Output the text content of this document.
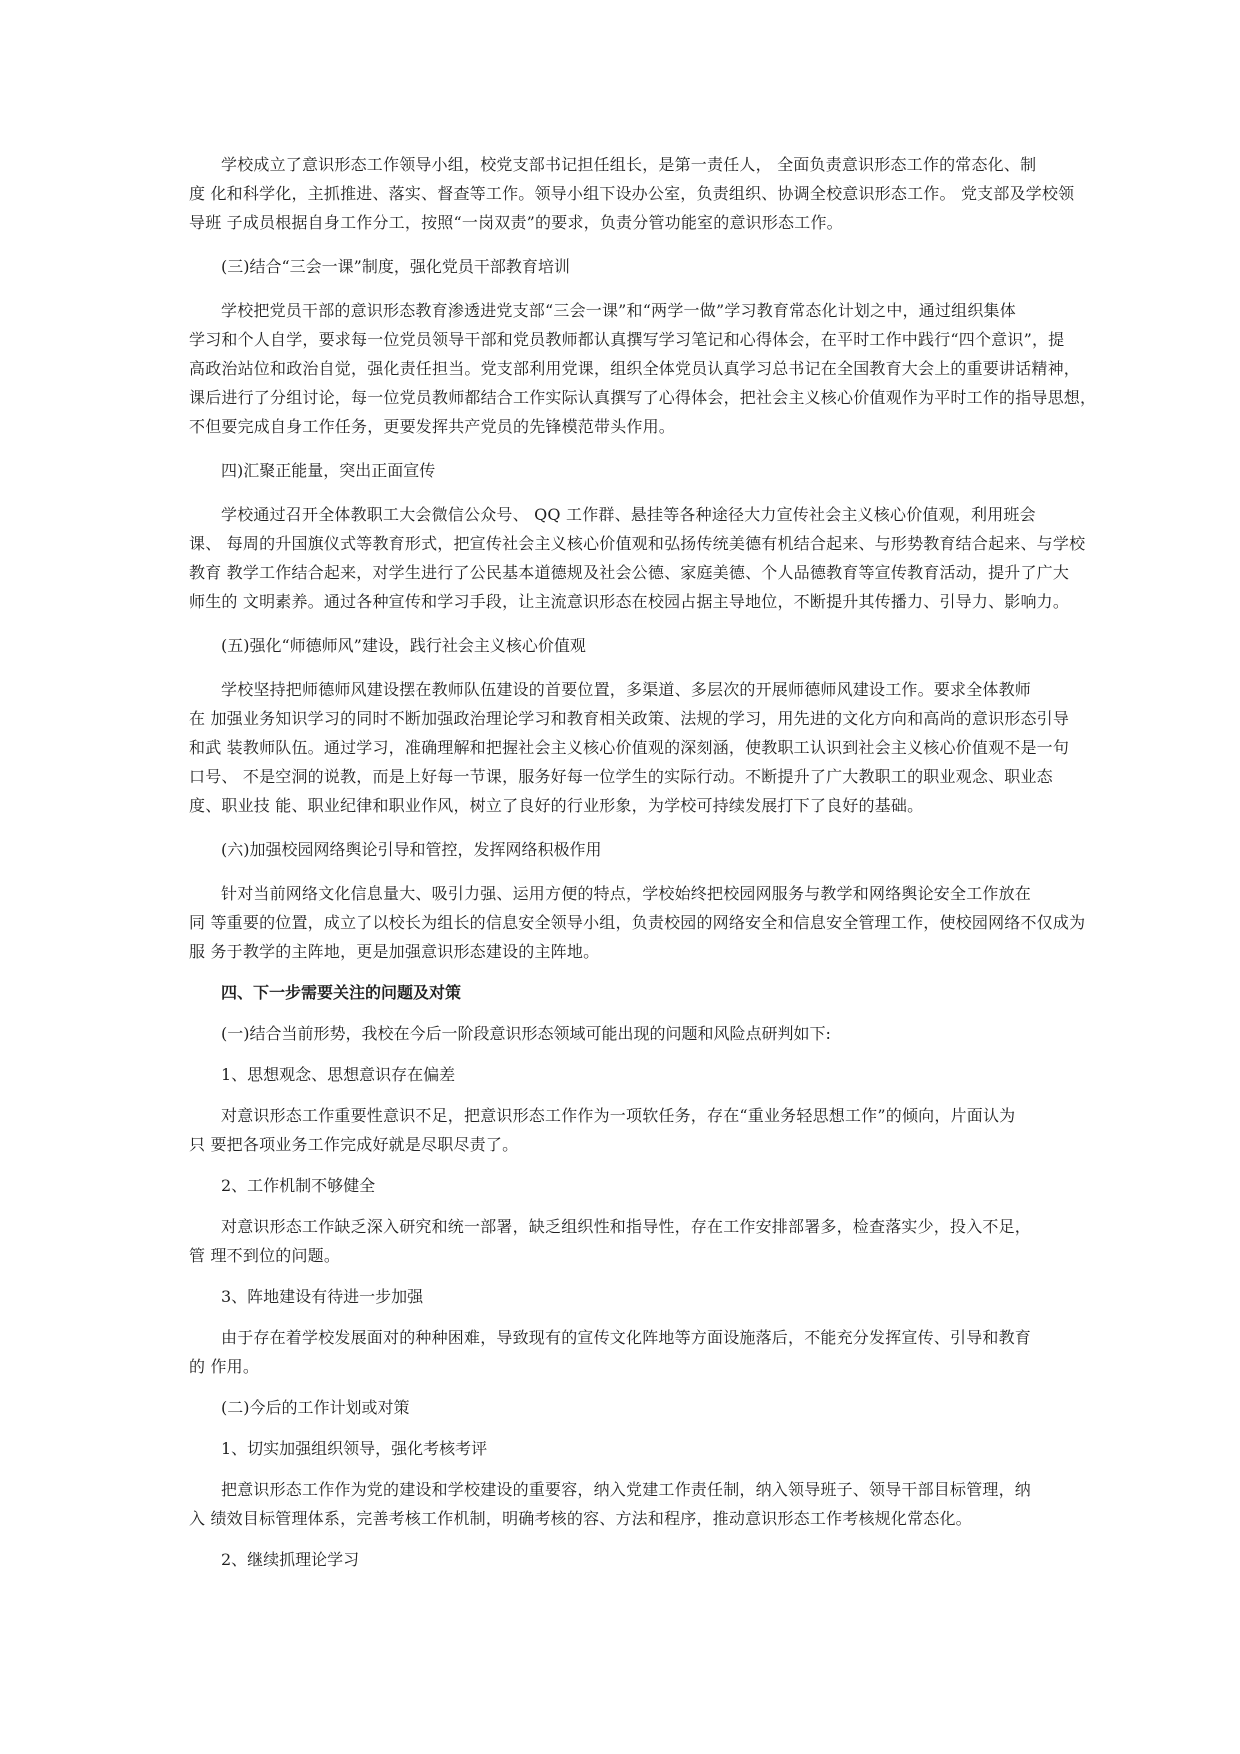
学校成立了意识形态工作领导小组，校党支部书记担任组长，是第一责任人， 全面负责意识形态工作的常态化、制
度 化和科学化，主抓推进、落实、督查等工作。领导小组下设办公室，负责组织、协调全校意识形态工作。 党支部及学校领
导班 子成员根据自身工作分工，按照“一岗双责”的要求，负责分管功能室的意识形态工作。

(三)结合“三会一课”制度，强化党员干部教育培训

学校把党员干部的意识形态教育渗透进党支部“三会一课”和“两学一做”学习教育常态化计划之中，通过组织集体
学习和个人自学，要求每一位党员领导干部和党员教师都认真撰写学习笔记和心得体会，在平时工作中践行“四个意识”，提
高政治站位和政治自觉，强化责任担当。党支部利用党课，组织全体党员认真学习总书记在全国教育大会上的重要讲话精神，
课后进行了分组讨论，每一位党员教师都结合工作实际认真撰写了心得体会，把社会主义核心价值观作为平时工作的指导思想，
不但要完成自身工作任务，更要发挥共产党员的先锋模范带头作用。

四)汇聚正能量，突出正面宣传

学校通过召开全体教职工大会微信公众号、 QQ 工作群、悬挂等各种途径大力宣传社会主义核心价值观，利用班会
课、 每周的升国旗仪式等教育形式，把宣传社会主义核心价值观和弘扬传统美德有机结合起来、与形势教育结合起来、与学校
教育 教学工作结合起来，对学生进行了公民基本道德规及社会公德、家庭美德、个人品德教育等宣传教育活动，提升了广大
师生的 文明素养。通过各种宣传和学习手段，让主流意识形态在校园占据主导地位，不断提升其传播力、引导力、影响力。

(五)强化“师德师风”建设，践行社会主义核心价值观

学校坚持把师德师风建设摆在教师队伍建设的首要位置，多渠道、多层次的开展师德师风建设工作。要求全体教师
在 加强业务知识学习的同时不断加强政治理论学习和教育相关政策、法规的学习，用先进的文化方向和高尚的意识形态引导
和武 装教师队伍。通过学习，准确理解和把握社会主义核心价值观的深刻涵，使教职工认识到社会主义核心价值观不是一句
口号、 不是空洞的说教，而是上好每一节课，服务好每一位学生的实际行动。不断提升了广大教职工的职业观念、职业态
度、职业技 能、职业纪律和职业作风，树立了良好的行业形象，为学校可持续发展打下了良好的基础。

(六)加强校园网络舆论引导和管控，发挥网络积极作用

针对当前网络文化信息量大、吸引力强、运用方便的特点，学校始终把校园网服务与教学和网络舆论安全工作放在
同 等重要的位置，成立了以校长为组长的信息安全领导小组，负责校园的网络安全和信息安全管理工作，使校园网络不仅成为
服 务于教学的主阵地，更是加强意识形态建设的主阵地。

四、下一步需要关注的问题及对策

(一)结合当前形势，我校在今后一阶段意识形态领域可能出现的问题和风险点研判如下:

1、思想观念、思想意识存在偏差

对意识形态工作重要性意识不足，把意识形态工作作为一项软任务，存在“重业务轻思想工作”的倾向，片面认为
只 要把各项业务工作完成好就是尽职尽责了。

2、工作机制不够健全

对意识形态工作缺乏深入研究和统一部署，缺乏组织性和指导性，存在工作安排部署多，检查落实少，投入不足，
管 理不到位的问题。

3、阵地建设有待进一步加强

由于存在着学校发展面对的种种困难，导致现有的宣传文化阵地等方面设施落后，不能充分发挥宣传、引导和教育
的 作用。

(二)今后的工作计划或对策

1、切实加强组织领导，强化考核考评

把意识形态工作作为党的建设和学校建设的重要容，纳入党建工作责任制，纳入领导班子、领导干部目标管理，纳
入 绩效目标管理体系，完善考核工作机制，明确考核的容、方法和程序，推动意识形态工作考核规化常态化。

2、继续抓理论学习
